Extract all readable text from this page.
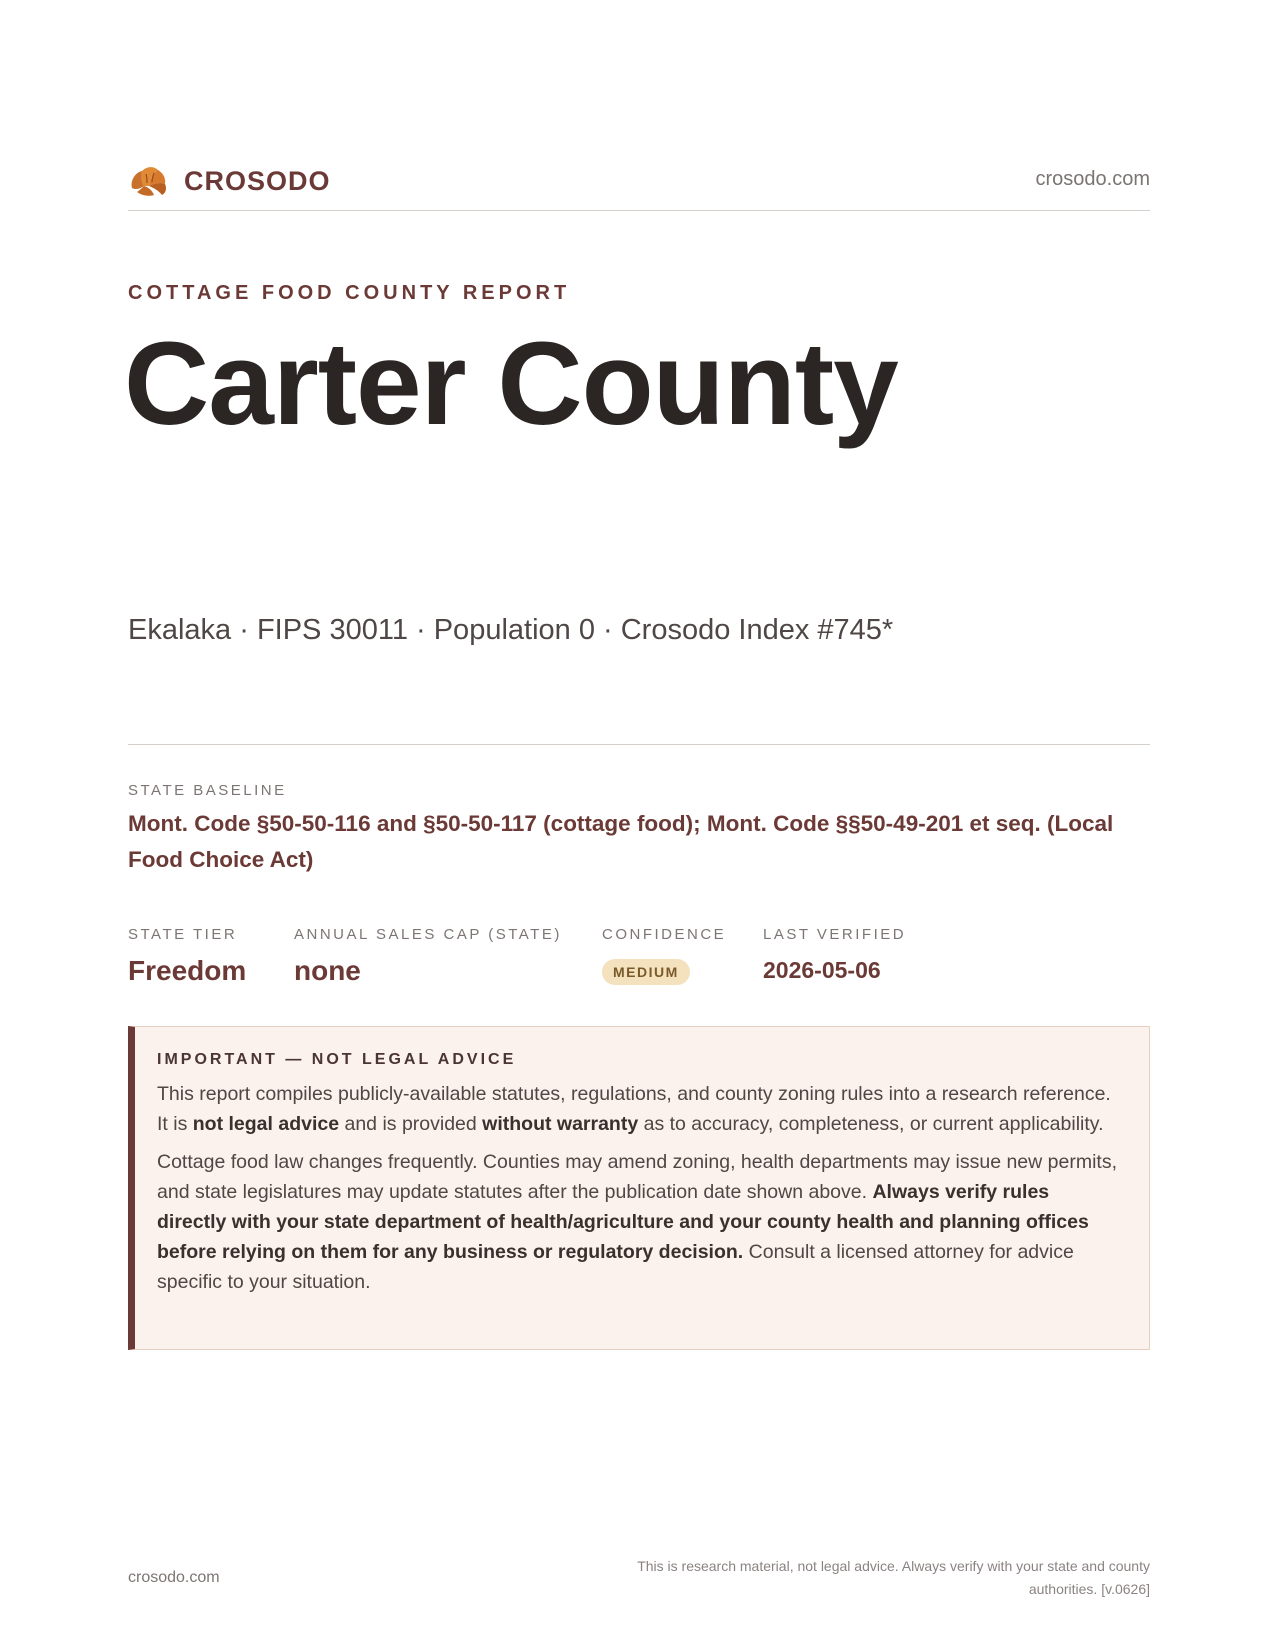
CROSODO	crosodo.com
COTTAGE FOOD COUNTY REPORT
Carter County
Ekalaka · FIPS 30011 · Population 0 · Crosodo Index #745*
STATE BASELINE
Mont. Code §50-50-116 and §50-50-117 (cottage food); Mont. Code §§50-49-201 et seq. (Local Food Choice Act)
STATE TIER
Freedom
ANNUAL SALES CAP (STATE)
none
CONFIDENCE
MEDIUM
LAST VERIFIED
2026-05-06
IMPORTANT — NOT LEGAL ADVICE

This report compiles publicly-available statutes, regulations, and county zoning rules into a research reference. It is not legal advice and is provided without warranty as to accuracy, completeness, or current applicability.

Cottage food law changes frequently. Counties may amend zoning, health departments may issue new permits, and state legislatures may update statutes after the publication date shown above. Always verify rules directly with your state department of health/agriculture and your county health and planning offices before relying on them for any business or regulatory decision. Consult a licensed attorney for advice specific to your situation.

crosodo.com
This is research material, not legal advice. Always verify with your state and county authorities. [v.0626]
